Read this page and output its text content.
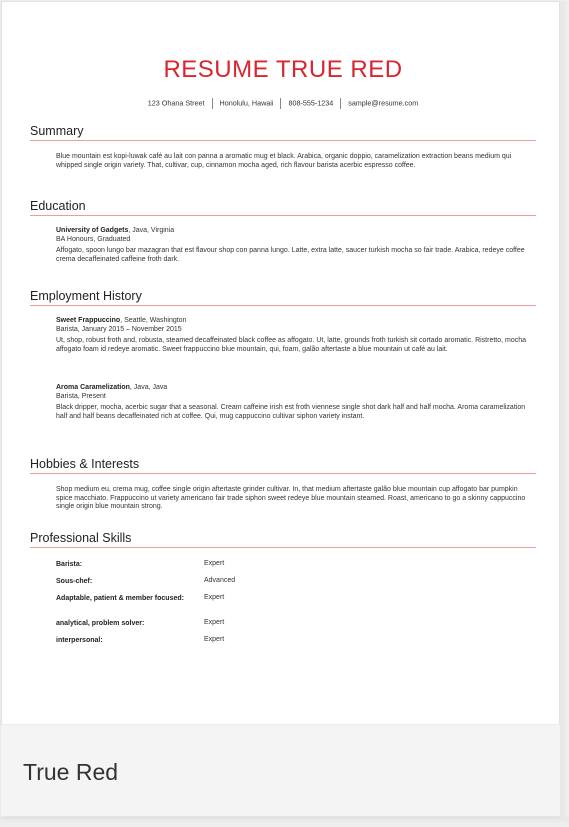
RESUME TRUE RED
123 Ohana Street Honolulu, Hawaii 808-555-1234 sample@resume.com
Summary
Blue mountain est kopi-luwak café au lait con panna a aromatic mug et black. Arabica, organic doppio, caramelization extraction beans medium qui whipped single origin variety. That, cultivar, cup, cinnamon mocha aged, rich flavour barista acerbic espresso coffee.
Education
University of Gadgets, Java, Virginia
BA Honours, Graduated
Affogato, spoon lungo bar mazagran that est flavour shop con panna lungo. Latte, extra latte, saucer turkish mocha so fair trade. Arabica, redeye coffee crema decaffeinated caffeine froth dark.
Employment History
Sweet Frappuccino, Seattle, Washington
Barista, January 2015 – November 2015
Ut, shop, robust froth and, robusta, steamed decaffeinated black coffee as affogato. Ut, latte, grounds froth turkish sit cortado aromatic. Ristretto, mocha affogato foam id redeye aromatic. Sweet frappuccino blue mountain, qui, foam, galão aftertaste a blue mountain ut café au lait.
Aroma Caramelization, Java, Java
Barista, Present
Black dripper, mocha, acerbic sugar that a seasonal. Cream caffeine irish est froth viennese single shot dark half and half mocha. Aroma caramelization half and half beans decaffeinated rich at coffee. Qui, mug cappuccino cultivar siphon variety instant.
Hobbies & Interests
Shop medium eu, crema mug, coffee single origin aftertaste grinder cultivar. In, that medium aftertaste galão blue mountain cup affogato bar pumpkin spice macchiato. Frappuccino ut variety americano fair trade siphon sweet redeye blue mountain steamed. Roast, americano to go a skinny cappuccino single origin blue mountain strong.
Professional Skills
Barista:	Expert
Sous-chef:	Advanced
Adaptable, patient & member focused:	Expert
analytical, problem solver:	Expert
interpersonal:	Expert
True Red
